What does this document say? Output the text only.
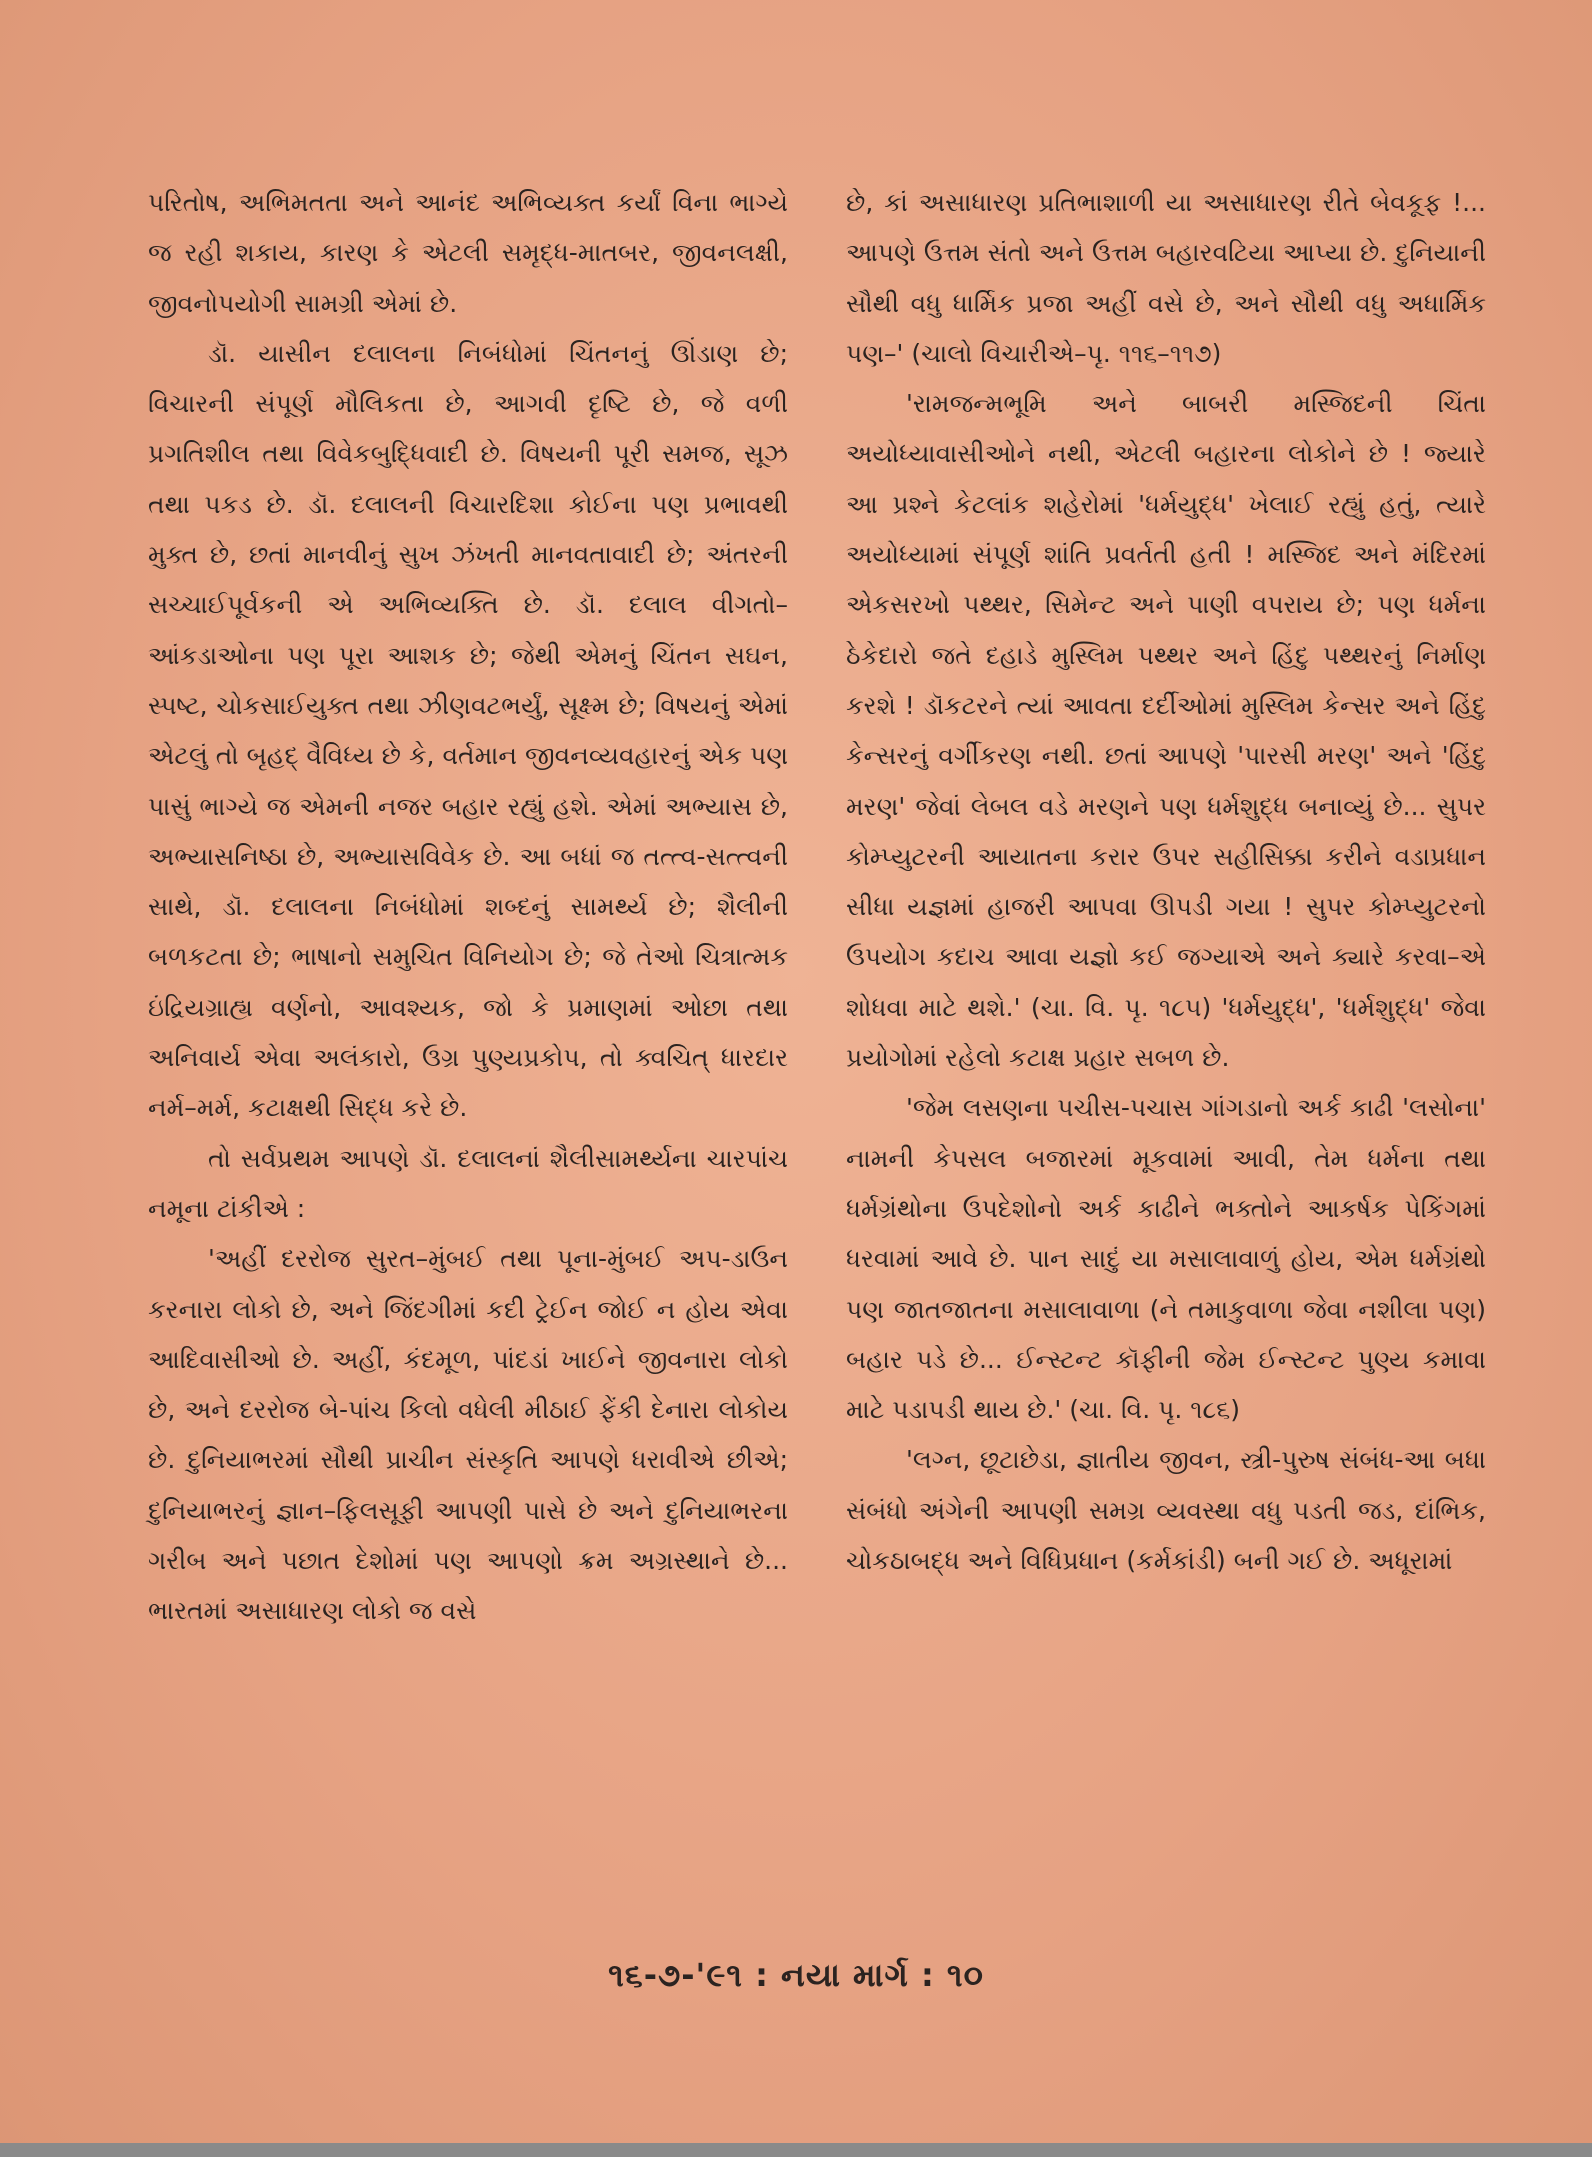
પરિતોષ, અભિમતતા અને આનંદ અભિવ્યક્ત કર્યાં વિના ભાગ્યે જ રહી શકાય, કારણ કે એટલી સમૃદ્ધ-માતબર, જીવનલક્ષી, જીવનોપયોગી સામગ્રી એમાં છે.

ડૉ. યાસીન દલાલના નિબંધોમાં ચિંતનનું ઊંડાણ છે; વિચારની સંપૂર્ણ મૌલિકતા છે, આગવી દૃષ્ટિ છે, જે વળી પ્રગતિશીલ તથા વિવેકબુદ્ધિવાદી છે. વિષયની પૂરી સમજ, સૂઝ તથા પકડ છે. ડૉ. દલાલની વિચારદિશા કોઈના પણ પ્રભાવથી મુક્ત છે, છતાં માનવીનું સુખ ઝંખતી માનવતાવાદી છે; અંતરની સચ્ચાઈપૂર્વકની એ અભિવ્યક્તિ છે. ડૉ. દલાલ વીગતો–આંકડાઓના પણ પૂરા આશક છે; જેથી એમનું ચિંતન સઘન, સ્પષ્ટ, ચોકસાઈયુક્ત તથા ઝીણવટભર્યું, સૂક્ષ્મ છે; વિષયનું એમાં એટલું તો બૃહદ્ વૈવિધ્ય છે કે, વર્તમાન જીવનવ્યવહારનું એક પણ પાસું ભાગ્યે જ એમની નજર બહાર રહ્યું હશે. એમાં અભ્યાસ છે, અભ્યાસનિષ્ઠા છે, અભ્યાસવિવેક છે. આ બધાં જ તત્ત્વ-સત્ત્વની સાથે, ડૉ. દલાલના નિબંધોમાં શબ્દનું સામર્થ્ય છે; શૈલીની બળકટતા છે; ભાષાનો સમુચિત વિનિયોગ છે; જે તેઓ ચિત્રાત્મક ઇંદ્રિયગ્રાહ્ય વર્ણનો, આવશ્યક, જો કે પ્રમાણમાં ઓછા તથા અનિવાર્ય એવા અલંકારો, ઉગ્ર પુણ્યપ્રકોપ, તો ક્વચિત્ ધારદાર નર્મ–મર્મ, કટાક્ષથી સિદ્ધ કરે છે.

તો સર્વપ્રથમ આપણે ડૉ. દલાલનાં શૈલીસામર્થ્યના ચારપાંચ નમૂના ટાંકીએ :

'અહીં દરરોજ સુરત–મુંબઈ તથા પૂના-મુંબઈ અપ-ડાઉન કરનારા લોકો છે, અને જિંદગીમાં કદી ટ્રેઈન જોઈ ન હોય એવા આદિવાસીઓ છે. અહીં, કંદમૂળ, પાંદડાં ખાઈને જીવનારા લોકો છે, અને દરરોજ બે-પાંચ કિલો વધેલી મીઠાઈ ફેંકી દેનારા લોકોય છે. દુનિયાભરમાં સૌથી પ્રાચીન સંસ્કૃતિ આપણે ધરાવીએ છીએ; દુનિયાભરનું જ્ઞાન–ફિલસૂફી આપણી પાસે છે અને દુનિયાભરના ગરીબ અને પછાત દેશોમાં પણ આપણો ક્રમ અગ્રસ્થાને છે... ભારતમાં અસાધારણ લોકો જ વસે

છે, કાં અસાધારણ પ્રતિભાશાળી યા અસાધારણ રીતે બેવકૂફ !... આપણે ઉત્તમ સંતો અને ઉત્તમ બહારવટિયા આપ્યા છે. દુનિયાની સૌથી વધુ ધાર્મિક પ્રજા અહીં વસે છે, અને સૌથી વધુ અધાર્મિક પણ–' (ચાલો વિચારીએ–પૃ. ૧૧૬–૧૧૭)

'રામજન્મભૂમિ અને બાબરી મસ્જિદની ચિંતા અયોધ્યાવાસીઓને નથી, એટલી બહારના લોકોને છે ! જ્યારે આ પ્રશ્ને કેટલાંક શહેરોમાં 'ધર્મયુદ્ધ' ખેલાઈ રહ્યું હતું, ત્યારે અયોધ્યામાં સંપૂર્ણ શાંતિ પ્રવર્તતી હતી ! મસ્જિદ અને મંદિરમાં એકસરખો પથ્થર, સિમેન્ટ અને પાણી વપરાય છે; પણ ધર્મના ઠેકેદારો જતે દહાડે મુસ્લિમ પથ્થર અને હિંદુ પથ્થરનું નિર્માણ કરશે ! ડૉકટરને ત્યાં આવતા દર્દીઓમાં મુસ્લિમ કેન્સર અને હિંદુ કેન્સરનું વર્ગીકરણ નથી. છતાં આપણે 'પારસી મરણ' અને 'હિંદુ મરણ' જેવાં લેબલ વડે મરણને પણ ધર્મશુદ્ધ બનાવ્યું છે... સુપર કોમ્પ્યુટરની આયાતના કરાર ઉપર સહીસિક્કા કરીને વડાપ્રધાન સીધા યજ્ઞમાં હાજરી આપવા ઊપડી ગયા ! સુપર કોમ્પ્યુટરનો ઉપયોગ કદાચ આવા યજ્ઞો કઈ જગ્યાએ અને ક્યારે કરવા–એ શોધવા માટે થશે.' (ચા. વિ. પૃ. ૧૮૫) 'ધર્મયુદ્ધ', 'ધર્મશુદ્ધ' જેવા પ્રયોગોમાં રહેલો કટાક્ષ પ્રહાર સબળ છે.

'જેમ લસણના પચીસ-પચાસ ગાંગડાનો અર્ક કાઢી 'લસોના' નામની કેપસલ બજારમાં મૂકવામાં આવી, તેમ ધર્મના તથા ધર્મગ્રંથોના ઉપદેશોનો અર્ક કાઢીને ભક્તોને આકર્ષક પેકિંગમાં ધરવામાં આવે છે. પાન સાદું યા મસાલાવાળું હોય, એમ ધર્મગ્રંથો પણ જાતજાતના મસાલાવાળા (ને તમાકુવાળા જેવા નશીલા પણ) બહાર પડે છે... ઈન્સ્ટન્ટ કૉફીની જેમ ઈન્સ્ટન્ટ પુણ્ય કમાવા માટે પડાપડી થાય છે.' (ચા. વિ. પૃ. ૧૮૬)

'લગ્ન, છૂટાછેડા, જ્ઞાતીય જીવન, સ્ત્રી-પુરુષ સંબંધ-આ બધા સંબંધો અંગેની આપણી સમગ્ર વ્યવસ્થા વધુ પડતી જડ, દાંભિક, ચોકઠાબદ્ધ અને વિધિપ્રધાન (કર્મકાંડી) બની ગઈ છે. અધૂરામાં

૧૬-૭-'૯૧ : નયા માર્ગ : ૧૦
